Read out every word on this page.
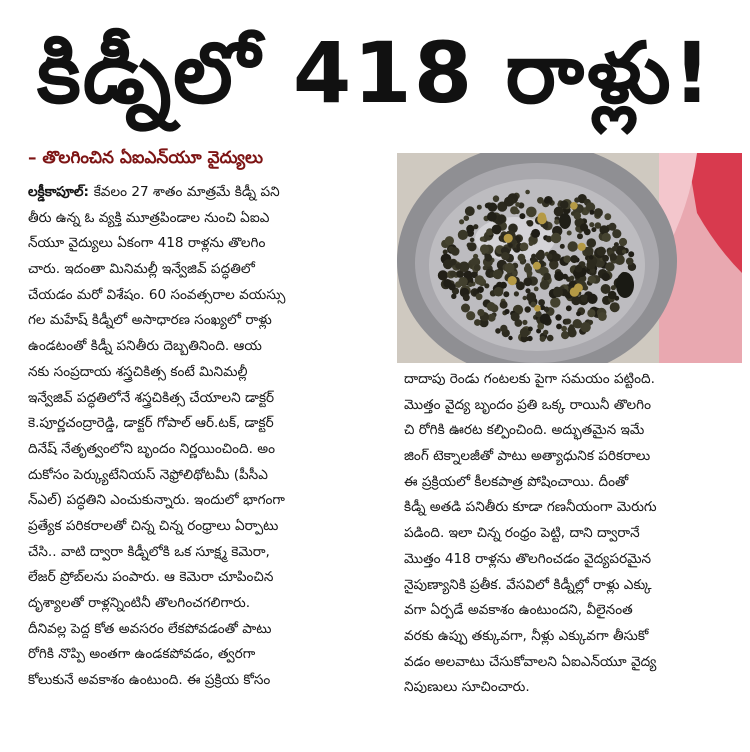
కిడ్నీలో 418 రాళ్లు!
– తొలగించిన ఏఐఎన్‌యూ వైద్యులు
లక్డీకాపూల్‌: కేవలం 27 శాతం మాత్రమే కిడ్నీ పని
తీరు ఉన్న ఓ వ్యక్తి మూత్రపిండాల నుంచి ఏఐఎ
న్‌యూ వైద్యులు ఏకంగా 418 రాళ్లను తొలగిం
చారు. ఇదంతా మినిమల్లీ ఇన్వేజివ్‌ పద్ధతిలో
చేయడం మరో విశేషం. 60 సంవత్సరాల వయస్సు
గల మహేష్‌ కిడ్నీలో అసాధారణ సంఖ్యలో రాళ్లు
ఉండటంతో కిడ్నీ పనితీరు దెబ్బతినింది. ఆయ
నకు సంప్రదాయ శస్త్రచికిత్స కంటే మినిమల్లీ
ఇన్వేజివ్‌ పద్ధతిలోనే శస్త్రచికిత్స చేయాలని డాక్టర్‌
కె.పూర్ణచంద్రారెడ్డి, డాక్టర్‌ గోపాల్‌ ఆర్‌.టక్‌, డాక్టర్‌
దినేష్‌ నేతృత్వంలోని బృందం నిర్ణయించింది. అం
దుకోసం పెర్క్యుటేనియస్‌ నెఫ్రోలిథోటమీ (పీసీఎ
న్‌ఎల్‌) పద్ధతిని ఎంచుకున్నారు. ఇందులో భాగంగా
ప్రత్యేక పరికరాలతో చిన్న చిన్న రంధ్రాలు ఏర్పాటు
చేసి.. వాటి ద్వారా కిడ్నీలోకి ఒక సూక్ష్మ కెమెరా,
లేజర్‌ ప్రోబ్‌లను పంపారు. ఆ కెమెరా చూపించిన
దృశ్యాలతో రాళ్లన్నింటినీ తొలగించగలిగారు.
దీనివల్ల పెద్ద కోత అవసరం లేకపోవడంతో పాటు
రోగికి నొప్పి అంతగా ఉండకపోవడం, త్వరగా
కోలుకునే అవకాశం ఉంటుంది. ఈ ప్రక్రియ కోసం
దాదాపు రెండు గంటలకు పైగా సమయం పట్టింది.
మొత్తం వైద్య బృందం ప్రతి ఒక్క రాయినీ తొలగిం
చి రోగికి ఊరట కల్పించింది. అద్భుతమైన ఇమే
జింగ్‌ టెక్నాలజీతో పాటు అత్యాధునిక పరికరాలు
ఈ ప్రక్రియలో కీలకపాత్ర పోషించాయి. దీంతో
కిడ్నీ అతడి పనితీరు కూడా గణనీయంగా మెరుగు
పడింది. ఇలా చిన్న రంధ్రం పెట్టి, దాని ద్వారానే
మొత్తం 418 రాళ్లను తొలగించడం వైద్యపరమైన
నైపుణ్యానికి ప్రతీక. వేసవిలో కిడ్నీల్లో రాళ్లు ఎక్కు
వగా ఏర్పడే అవకాశం ఉంటుందని, వీలైనంత
వరకు ఉప్పు తక్కువగా, నీళ్లు ఎక్కువగా తీసుకో
వడం అలవాటు చేసుకోవాలని ఏఐఎన్‌యూ వైద్య
నిపుణులు సూచించారు.
